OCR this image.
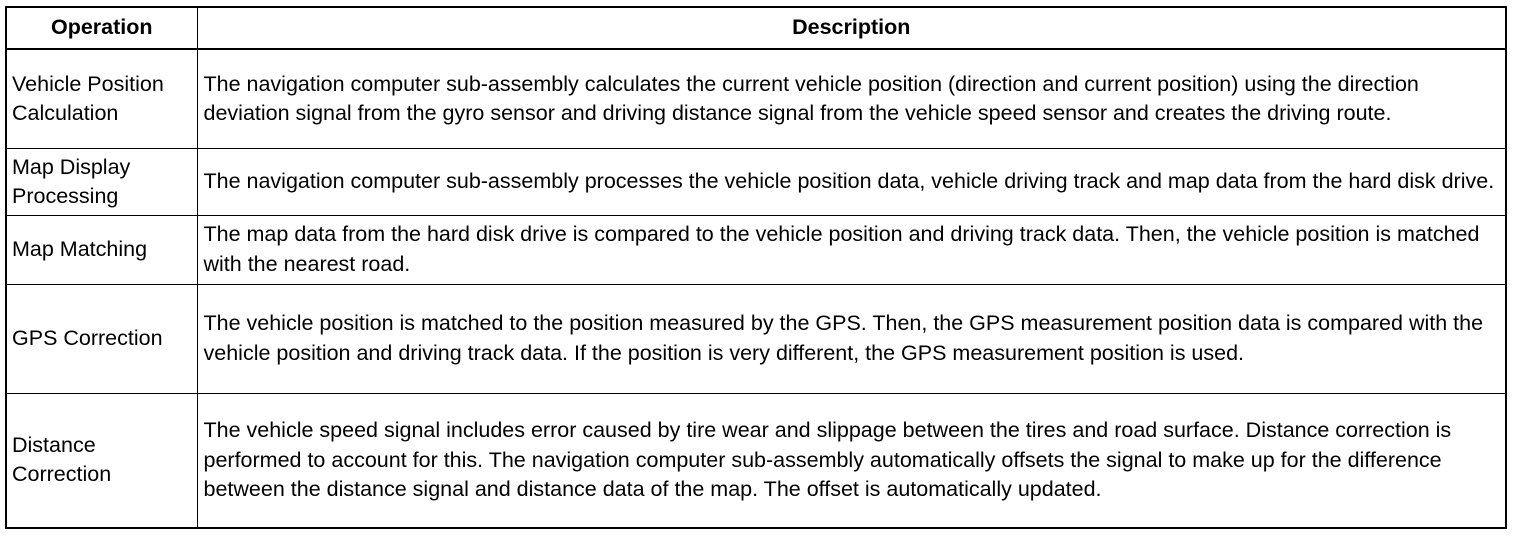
Operation	Description
Vehicle Position Calculation	The navigation computer sub-assembly calculates the current vehicle position (direction and current position) using the direction deviation signal from the gyro sensor and driving distance signal from the vehicle speed sensor and creates the driving route.
Map Display Processing	The navigation computer sub-assembly processes the vehicle position data, vehicle driving track and map data from the hard disk drive.
Map Matching	The map data from the hard disk drive is compared to the vehicle position and driving track data. Then, the vehicle position is matched with the nearest road.
GPS Correction	The vehicle position is matched to the position measured by the GPS. Then, the GPS measurement position data is compared with the vehicle position and driving track data. If the position is very different, the GPS measurement position is used.
Distance Correction	The vehicle speed signal includes error caused by tire wear and slippage between the tires and road surface. Distance correction is performed to account for this. The navigation computer sub-assembly automatically offsets the signal to make up for the difference between the distance signal and distance data of the map. The offset is automatically updated.
